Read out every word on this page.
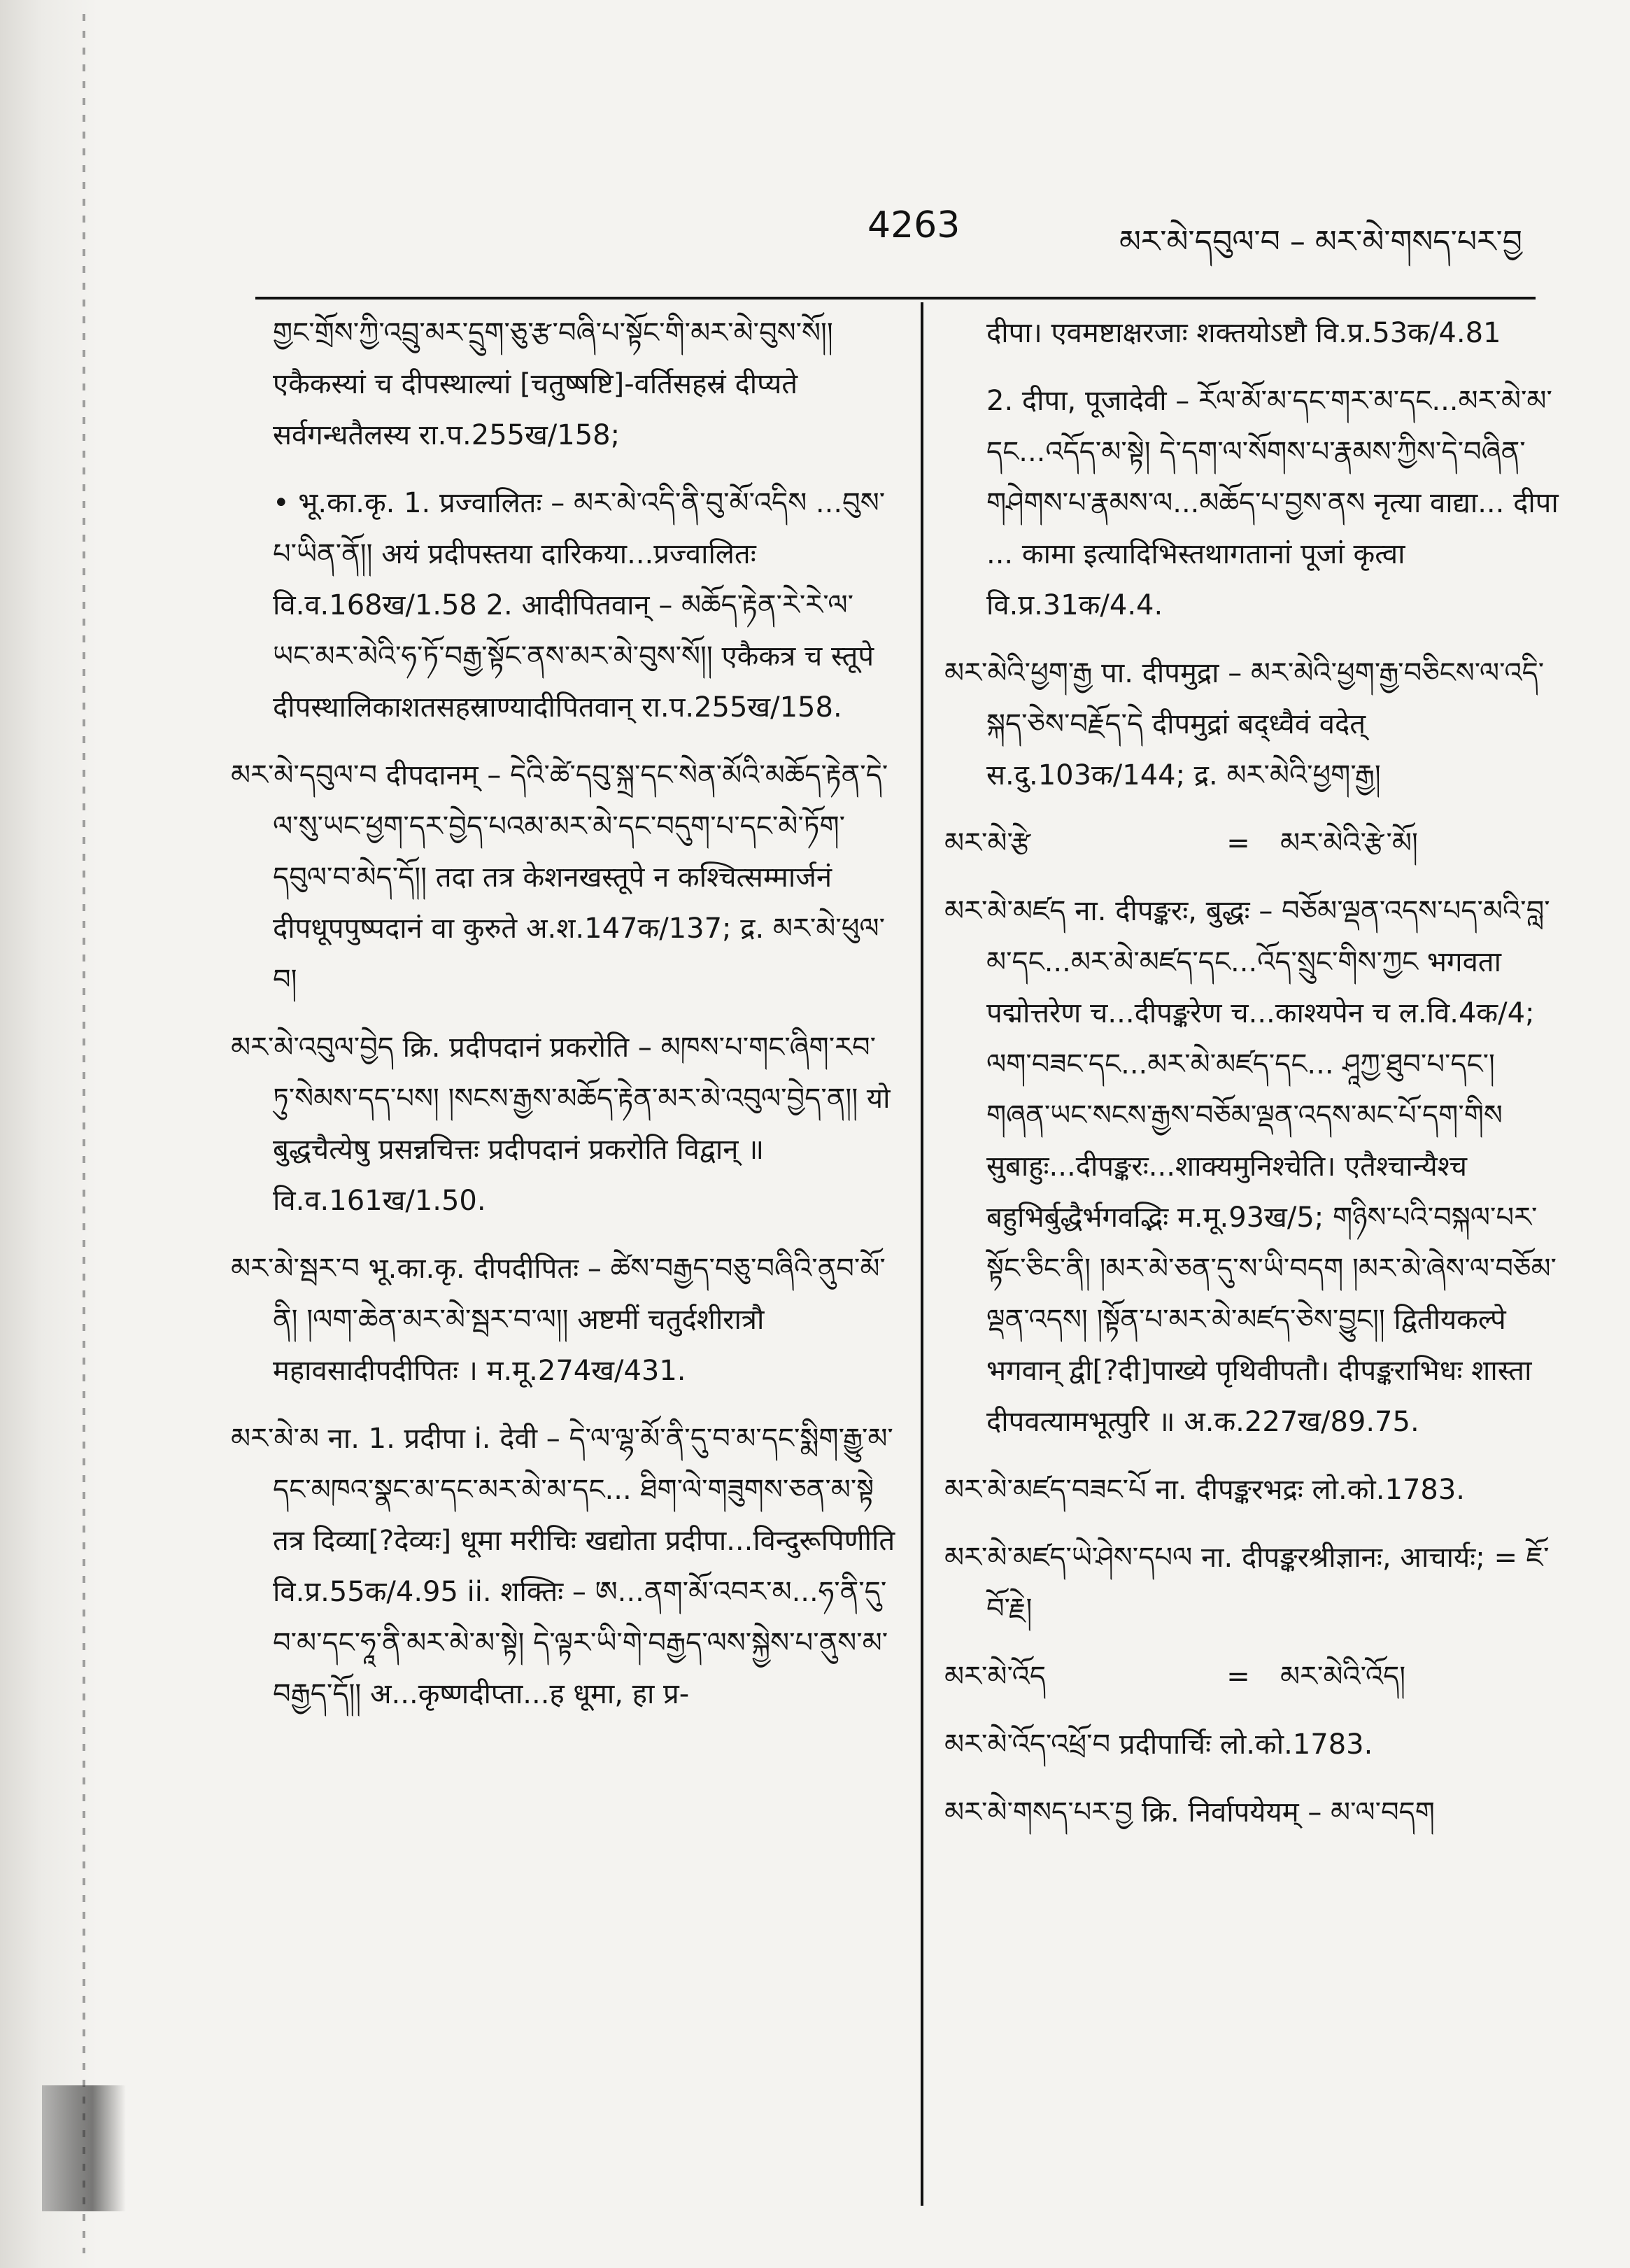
4263	མར་མེ་དབུལ་བ – མར་མེ་གསད་པར་བྱ

གྱང་གྲོས་ཀྱི་འབྲུ་མར་དྲུག་ཅུ་རྩ་བཞི་པ་སྟོང་གི་མར་མེ་བུས་སོ།། एकैकस्यां च दीपस्थाल्यां [चतुष्षष्टि]-वर्तिसहस्रं दीप्यते सर्वगन्धतैलस्य रा.प.255ख/158;

• भू.का.कृ. 1. प्रज्वालितः – མར་མེ་འདི་ནི་བུ་མོ་འདིས ...བུས་པ་ཡིན་ནོ།། अयं प्रदीपस्तया दारिकया...प्रज्वालितः वि.व.168ख/1.58 2. आदीपितवान् – མཆོད་རྟེན་རེ་རེ་ལ་ཡང་མར་མེའི་ཧ་ཏོ་བརྒྱ་སྟོང་ནས་མར་མེ་བུས་སོ།། एकैकत्र च स्तूपे दीपस्थालिकाशतसहस्राण्यादीपितवान् रा.प.255ख/158.

མར་མེ་དབུལ་བ दीपदानम् – དེའི་ཚེ་དབུ་སྐྲ་དང་སེན་མོའི་མཆོད་རྟེན་དེ་ལ་སུ་ཡང་ཕྱག་དར་བྱེད་པའམ་མར་མེ་དང་བདུག་པ་དང་མེ་ཏོག་དབུལ་བ་མེད་དོ།། तदा तत्र केशनखस्तूपे न कश्चित्सम्मार्जनं दीपधूपपुष्पदानं वा कुरुते अ.श.147क/137; द्र. མར་མེ་ཕུལ་བ།

མར་མེ་འབུལ་བྱེད क्रि. प्रदीपदानं प्रकरोति – མཁས་པ་གང་ཞིག་རབ་ཏུ་སེམས་དད་པས། །སངས་རྒྱས་མཆོད་རྟེན་མར་མེ་འབུལ་བྱེད་ན།། यो बुद्धचैत्येषु प्रसन्नचित्तः प्रदीपदानं प्रकरोति विद्वान् ॥ वि.व.161ख/1.50.

མར་མེ་སྦར་བ भू.का.कृ. दीपदीपितः – ཚེས་བརྒྱད་བཅུ་བཞིའི་ནུབ་མོ་ནི། །ལག་ཆེན་མར་མེ་སྦར་བ་ལ།། अष्टमीं चतुर्दशीरात्रौ महावसादीपदीपितः । म.मू.274ख/431.

མར་མེ་མ ना. 1. प्रदीपा i. देवी – དེ་ལ་ལྷ་མོ་ནི་དུ་བ་མ་དང་སྨིག་རྒྱུ་མ་དང་མཁའ་སྣང་མ་དང་མར་མེ་མ་དང... ཐིག་ལེ་གཟུགས་ཅན་མ་སྟེ तत्र दिव्या[?देव्यः] धूमा मरीचिः खद्योता प्रदीपा...विन्दुरूपिणीति वि.प्र.55क/4.95 ii. शक्तिः – ཨ...ནག་མོ་འབར་མ...ཧ་ནི་དུ་བ་མ་དང་ཧཱ་ནི་མར་མེ་མ་སྟེ། དེ་ལྟར་ཡི་གེ་བརྒྱད་ལས་སྐྱེས་པ་ནུས་མ་བརྒྱད་དོ།། अ...कृष्णदीप्ता...ह धूमा, हा प्र-

दीपा। एवमष्टाक्षरजाः शक्तयोऽष्टौ वि.प्र.53क/4.81

2. दीपा, पूजादेवी – རོལ་མོ་མ་དང་གར་མ་དང...མར་མེ་མ་དང...འདོད་མ་སྟེ། དེ་དག་ལ་སོགས་པ་རྣམས་ཀྱིས་དེ་བཞིན་གཤེགས་པ་རྣམས་ལ...མཆོད་པ་བྱས་ནས नृत्या वाद्या... दीपा ... कामा इत्यादिभिस्तथागतानां पूजां कृत्वा वि.प्र.31क/4.4.

མར་མེའི་ཕྱག་རྒྱ पा. दीपमुद्रा – མར་མེའི་ཕྱག་རྒྱ་བཅིངས་ལ་འདི་སྐད་ཅེས་བརྗོད་དེ दीपमुद्रां बद्ध्वैवं वदेत् स.दु.103क/144; द्र. མར་མེའི་ཕྱག་རྒྱ།

མར་མེ་རྩེ	=	མར་མེའི་རྩེ་མོ།

མར་མེ་མཛད ना. दीपङ्करः, बुद्धः – བཅོམ་ལྡན་འདས་པད་མའི་བླ་མ་དང...མར་མེ་མཛད་དང...འོད་སྲུང་གིས་ཀྱང भगवता पद्मोत्तरेण च...दीपङ्करेण च...काश्यपेन च ल.वि.4क/4; ལག་བཟང་དང...མར་མེ་མཛད་དང... ཤཱཀྱ་ཐུབ་པ་དང་། གཞན་ཡང་སངས་རྒྱས་བཅོམ་ལྡན་འདས་མང་པོ་དག་གིས सुबाहुः...दीपङ्करः...शाक्यमुनिश्चेति। एतैश्चान्यैश्च बहुभिर्बुद्धैर्भगवद्भिः म.मू.93ख/5; གཉིས་པའི་བསྐལ་པར་སྟོང་ཅིང་ནི། །མར་མེ་ཅན་དུ་ས་ཡི་བདག །མར་མེ་ཞེས་ལ་བཅོམ་ལྡན་འདས། །སྟོན་པ་མར་མེ་མཛད་ཅེས་བྱུང།། द्वितीयकल्पे भगवान् द्वी[?दी]पाख्ये पृथिवीपतौ। दीपङ्कराभिधः शास्ता दीपवत्यामभूत्पुरि ॥ अ.क.227ख/89.75.

མར་མེ་མཛད་བཟང་པོ ना. दीपङ्करभद्रः लो.को.1783.

མར་མེ་མཛད་ཡེ་ཤེས་དཔལ ना. दीपङ्करश्रीज्ञानः, आचार्यः; = ཇོ་བོ་རྗེ།

མར་མེ་འོད	=	མར་མེའི་འོད།

མར་མེ་འོད་འཕྲོ་བ प्रदीपार्चिः लो.को.1783.

མར་མེ་གསད་པར་བྱ क्रि. निर्वापयेयम् – མ་ལ་བདག
